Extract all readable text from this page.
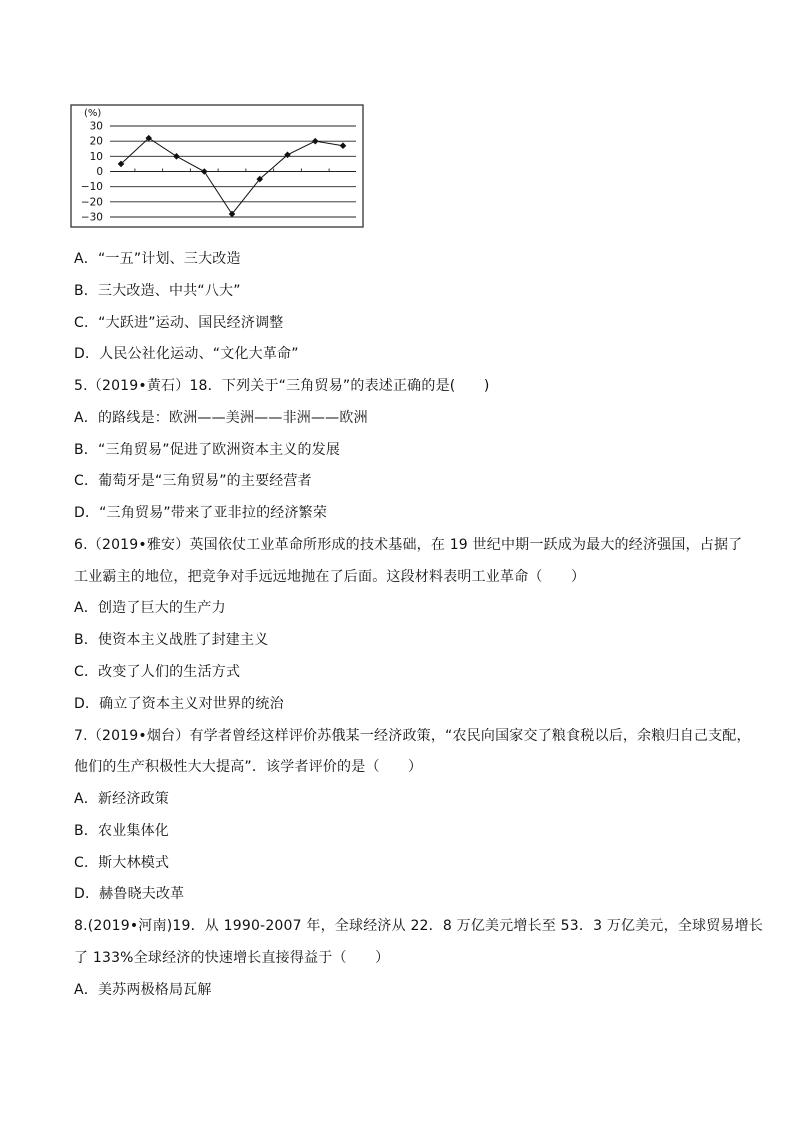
(%)
30
20
10
0
−10
−20
−30
A．“一五”计划、三大改造
B．三大改造、中共“八大”
C．“大跃进”运动、国民经济调整
D．人民公社化运动、“文化大革命”
5.（2019•黄石）18．下列关于“三角贸易”的表述正确的是(　　)
A．的路线是：欧洲——美洲——非洲——欧洲
B．“三角贸易”促进了欧洲资本主义的发展
C．葡萄牙是“三角贸易”的主要经营者
D．“三角贸易”带来了亚非拉的经济繁荣
6.（2019•雅安）英国依仗工业革命所形成的技术基础，在 19 世纪中期一跃成为最大的经济强国，占据了
工业霸主的地位，把竞争对手远远地抛在了后面。这段材料表明工业革命（　　）
A．创造了巨大的生产力
B．使资本主义战胜了封建主义
C．改变了人们的生活方式
D．确立了资本主义对世界的统治
7.（2019•烟台）有学者曾经这样评价苏俄某一经济政策，“农民向国家交了粮食税以后，余粮归自己支配，
他们的生产积极性大大提高”．该学者评价的是（　　）
A．新经济政策
B．农业集体化
C．斯大林模式
D．赫鲁晓夫改革
8.(2019•河南)19．从 1990-2007 年，全球经济从 22．8 万亿美元增长至 53．3 万亿美元，全球贸易增长
了 133%全球经济的快速增长直接得益于（　　）
A．美苏两极格局瓦解
